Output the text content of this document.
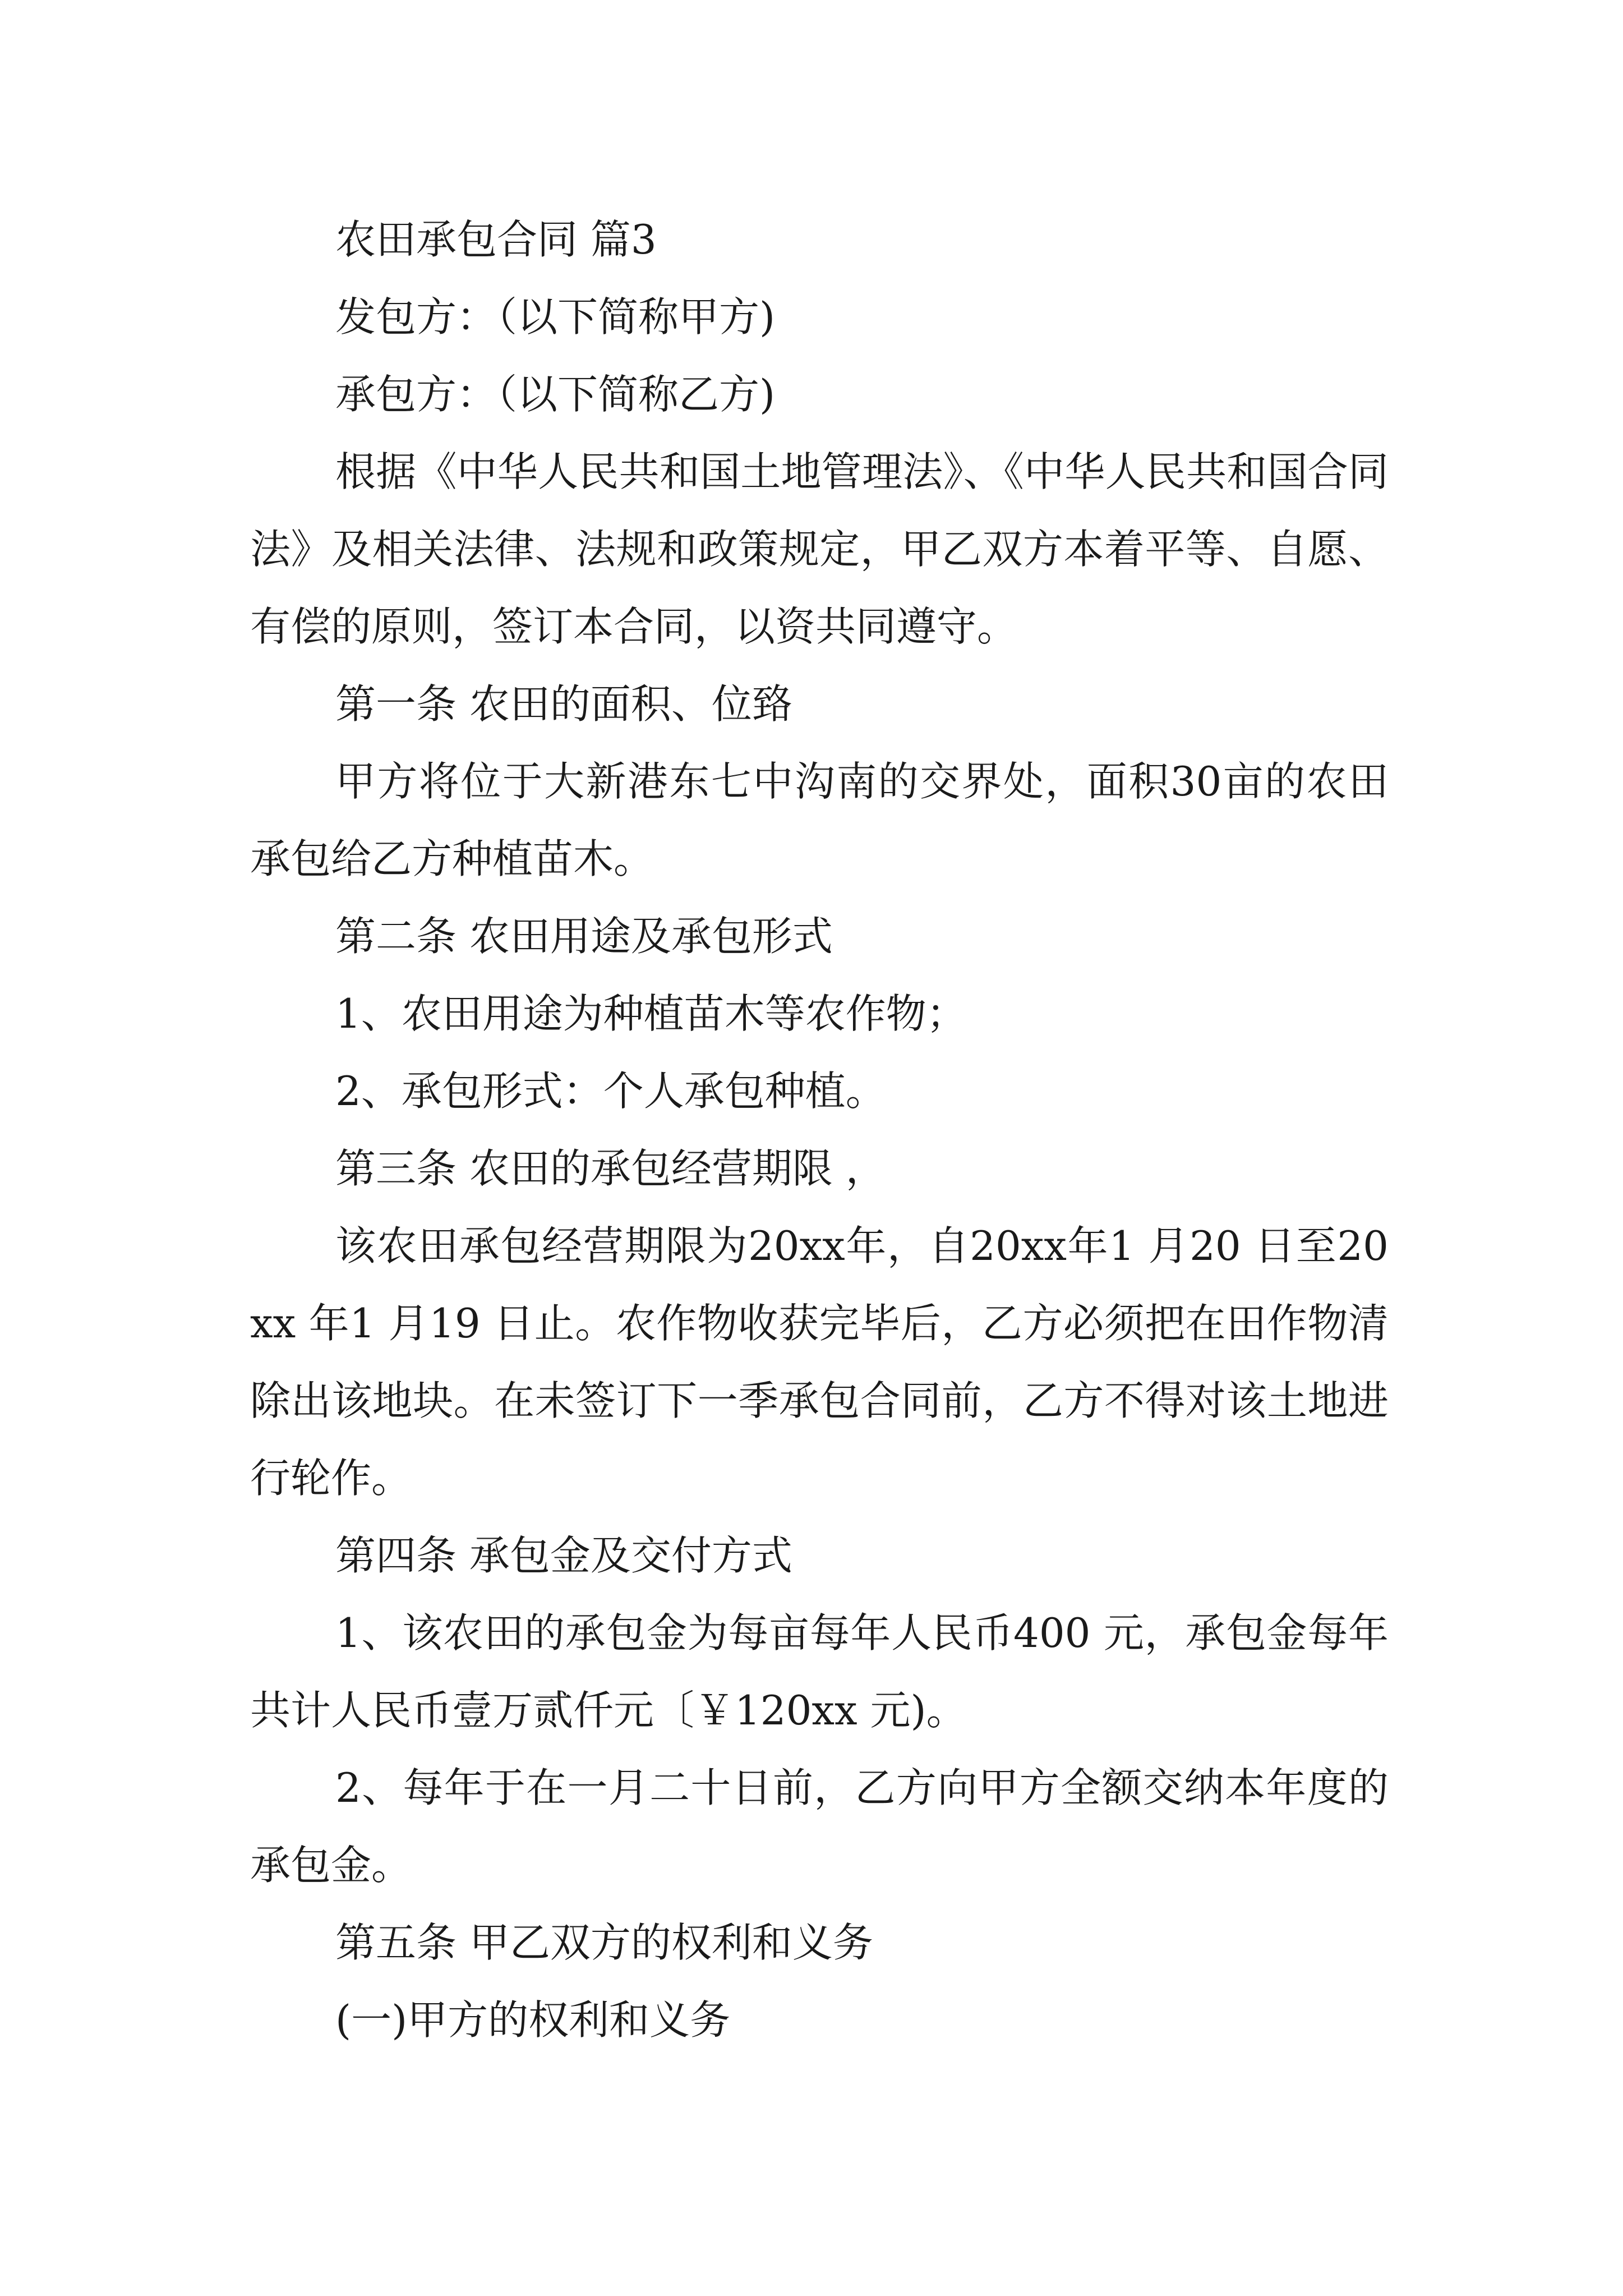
农田承包合同 篇3

发包方：（以下简称甲方)

承包方：（以下简称乙方)

根据《中华人民共和国土地管理法》、《中华人民共和国合同法》及相关法律、法规和政策规定，甲乙双方本着平等、自愿、有偿的原则，签订本合同，以资共同遵守。

第一条 农田的面积、位臵

甲方将位于大新港东七中沟南的交界处，面积30亩的农田承包给乙方种植苗木。

第二条 农田用途及承包形式

1、农田用途为种植苗木等农作物；

2、承包形式：个人承包种植。

第三条 农田的承包经营期限 ，

该农田承包经营期限为20xx年，自20xx年1 月20 日至20xx 年1 月19 日止。农作物收获完毕后，乙方必须把在田作物清除出该地块。在未签订下一季承包合同前，乙方不得对该土地进行轮作。

第四条 承包金及交付方式

1、该农田的承包金为每亩每年人民币400 元，承包金每年共计人民币壹万贰仟元〔￥120xx 元)。

2、每年于在一月二十日前，乙方向甲方全额交纳本年度的承包金。

第五条 甲乙双方的权利和义务

(一)甲方的权利和义务
